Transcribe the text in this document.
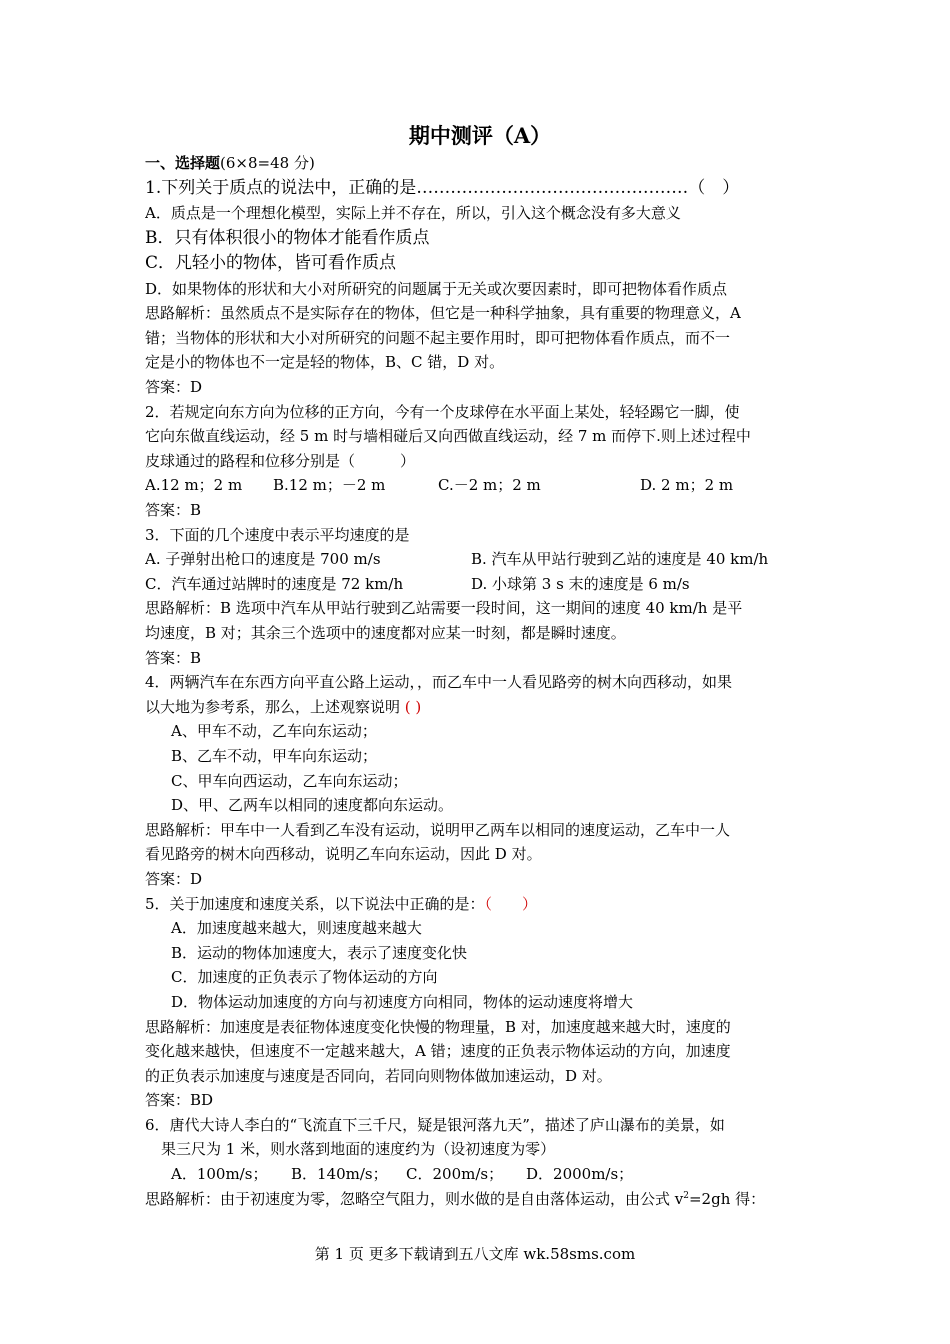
期中测评（A）
一、选择题(6×8=48 分)
1.下列关于质点的说法中，正确的是…………………………………………（　）
A．质点是一个理想化模型，实际上并不存在，所以，引入这个概念没有多大意义
B．只有体积很小的物体才能看作质点
C．凡轻小的物体，皆可看作质点
D．如果物体的形状和大小对所研究的问题属于无关或次要因素时，即可把物体看作质点
思路解析：虽然质点不是实际存在的物体，但它是一种科学抽象，具有重要的物理意义，A
错；当物体的形状和大小对所研究的问题不起主要作用时，即可把物体看作质点，而不一
定是小的物体也不一定是轻的物体，B、C 错，D 对。
答案：D
2．若规定向东方向为位移的正方向，今有一个皮球停在水平面上某处，轻轻踢它一脚，使
它向东做直线运动，经 5 m 时与墙相碰后又向西做直线运动，经 7 m 而停下.则上述过程中
皮球通过的路程和位移分别是（　　　）
A.12 m；2 m	B.12 m；－2 m	C.－2 m；2 m	D. 2 m；2 m
答案：B
3．下面的几个速度中表示平均速度的是
A. 子弹射出枪口的速度是 700 m/s	B. 汽车从甲站行驶到乙站的速度是 40 km/h
C．汽车通过站牌时的速度是 72 km/h	D. 小球第 3 s 末的速度是 6 m/s
思路解析：B 选项中汽车从甲站行驶到乙站需要一段时间，这一期间的速度 40 km/h 是平
均速度，B 对；其余三个选项中的速度都对应某一时刻，都是瞬时速度。
答案：B
4．两辆汽车在东西方向平直公路上运动，，而乙车中一人看见路旁的树木向西移动，如果
以大地为参考系，那么，上述观察说明 ( )
A、甲车不动，乙车向东运动；
B、乙车不动，甲车向东运动；
C、甲车向西运动，乙车向东运动；
D、甲、乙两车以相同的速度都向东运动。
思路解析：甲车中一人看到乙车没有运动，说明甲乙两车以相同的速度运动，乙车中一人
看见路旁的树木向西移动，说明乙车向东运动，因此 D 对。
答案：D
5．关于加速度和速度关系，以下说法中正确的是：（　　）
A．加速度越来越大，则速度越来越大
B．运动的物体加速度大，表示了速度变化快
C．加速度的正负表示了物体运动的方向
D．物体运动加速度的方向与初速度方向相同，物体的运动速度将增大
思路解析：加速度是表征物体速度变化快慢的物理量，B 对，加速度越来越大时，速度的
变化越来越快，但速度不一定越来越大，A 错；速度的正负表示物体运动的方向，加速度
的正负表示加速度与速度是否同向，若同向则物体做加速运动，D 对。
答案：BD
6．唐代大诗人李白的“飞流直下三千尺，疑是银河落九天”，描述了庐山瀑布的美景，如
果三尺为 1 米，则水落到地面的速度约为（设初速度为零）
A．100m/s；	B．140m/s；	C．200m/s；	D．2000m/s；
思路解析：由于初速度为零，忽略空气阻力，则水做的是自由落体运动，由公式 $v^2=2gh$ 得：
第 1 页 更多下载请到五八文库 wk.58sms.com
